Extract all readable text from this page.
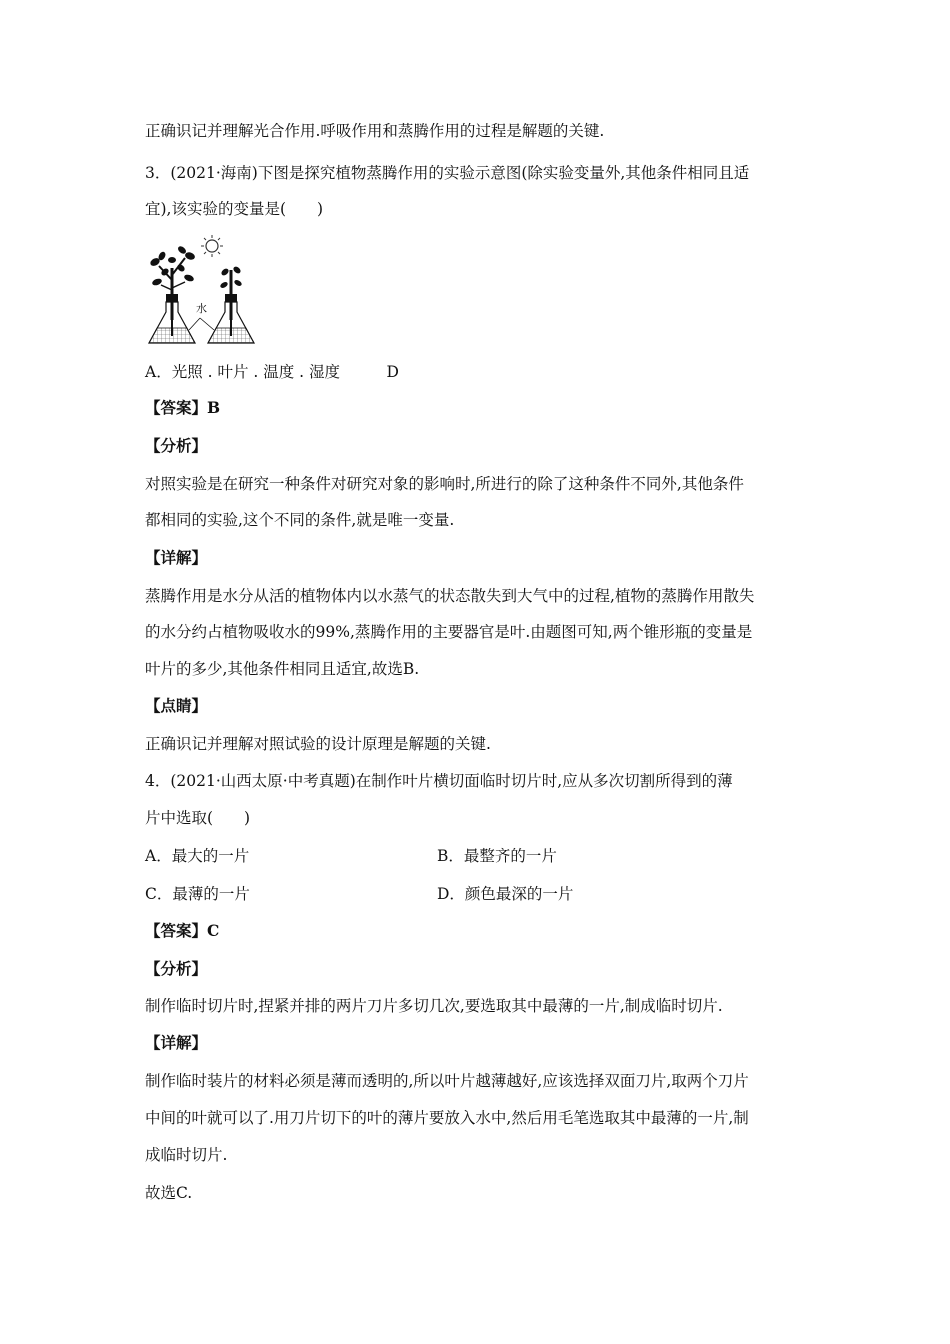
正确识记并理解光合作用.呼吸作用和蒸腾作用的过程是解题的关键.
3．(2021·海南)下图是探究植物蒸腾作用的实验示意图(除实验变量外,其他条件相同且适
宜),该实验的变量是(　　)
水
A．光照 . 叶片 . 温度 . 湿度　　　D
【答案】B
【分析】
对照实验是在研究一种条件对研究对象的影响时,所进行的除了这种条件不同外,其他条件
都相同的实验,这个不同的条件,就是唯一变量.
【详解】
蒸腾作用是水分从活的植物体内以水蒸气的状态散失到大气中的过程,植物的蒸腾作用散失
的水分约占植物吸收水的99%,蒸腾作用的主要器官是叶.由题图可知,两个锥形瓶的变量是
叶片的多少,其他条件相同且适宜,故选B.
【点睛】
正确识记并理解对照试验的设计原理是解题的关键.
4．(2021·山西太原·中考真题)在制作叶片横切面临时切片时,应从多次切割所得到的薄
片中选取(　　)
A．最大的一片	B．最整齐的一片
C．最薄的一片	D．颜色最深的一片
【答案】C
【分析】
制作临时切片时,捏紧并排的两片刀片多切几次,要选取其中最薄的一片,制成临时切片.
【详解】
制作临时装片的材料必须是薄而透明的,所以叶片越薄越好,应该选择双面刀片,取两个刀片
中间的叶就可以了.用刀片切下的叶的薄片要放入水中,然后用毛笔选取其中最薄的一片,制
成临时切片.
故选C.
